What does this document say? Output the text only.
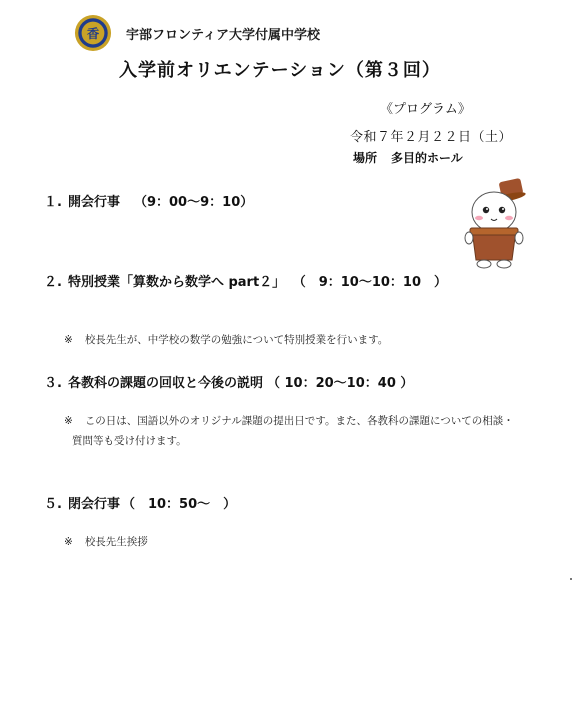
香 宇部フロンティア大学付属中学校
入学前オリエンテーション（第３回）
《プログラム》
令和７年２月２２日（土）
場所 多目的ホール
１. 開会行事 （9：00〜9：10）
２. 特別授業「算数から数学へ part２」 （　9：10〜10：10　）
※ 校長先生が、中学校の数学の勉強について特別授業を行います。
３. 各教科の課題の回収と今後の説明 （ 10：20〜10：40 ）
※ この日は、国語以外のオリジナル課題の提出日です。また、各教科の課題についての相談・
質問等も受け付けます。
５. 閉会行事 （　10：50〜　）
※ 校長先生挨拶
